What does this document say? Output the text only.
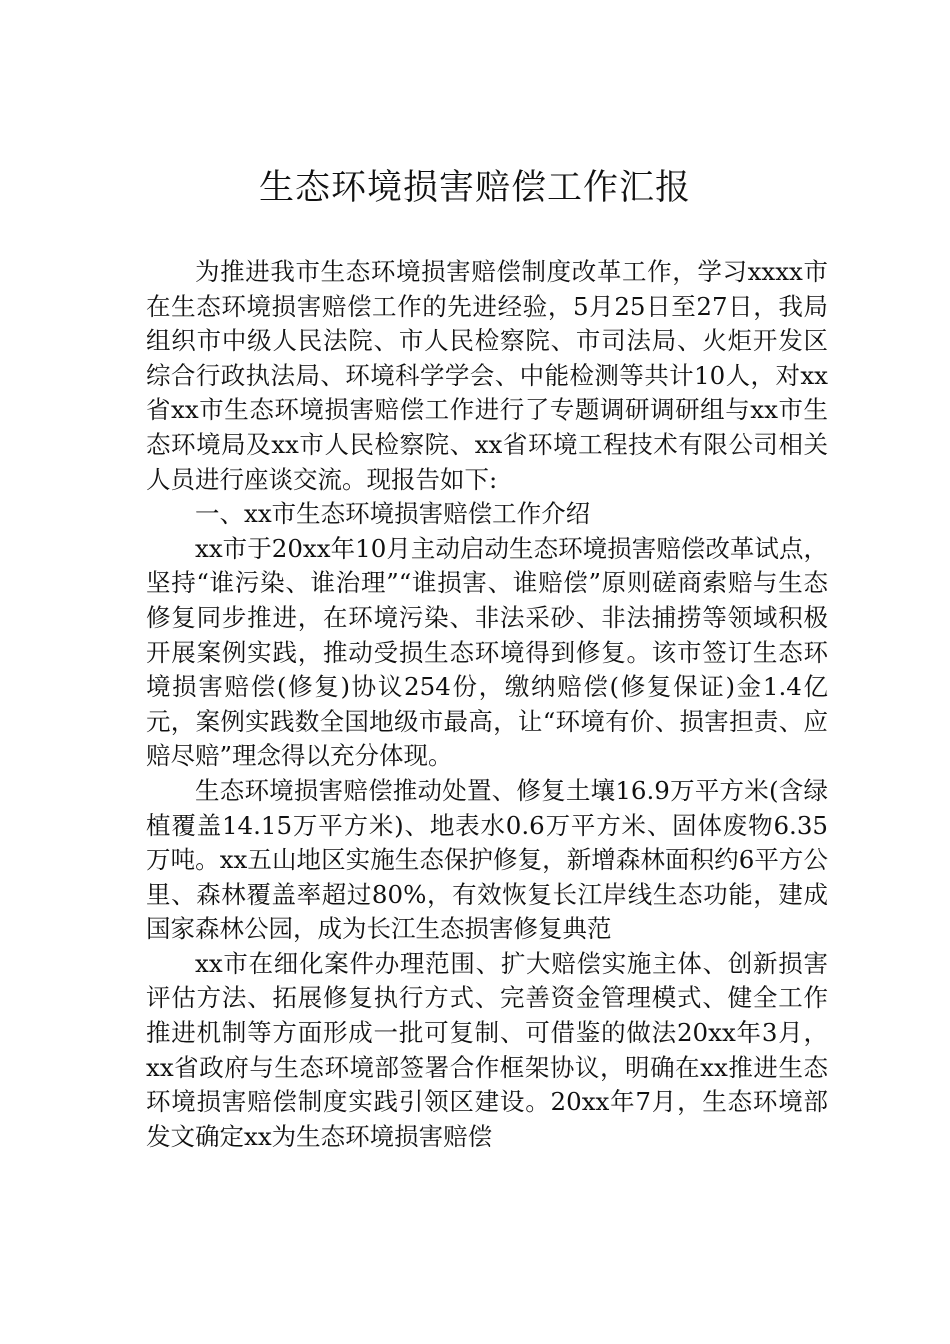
生态环境损害赔偿工作汇报

为推进我市生态环境损害赔偿制度改革工作，学习xxxx市在生态环境损害赔偿工作的先进经验，5月25日至27日，我局组织市中级人民法院、市人民检察院、市司法局、火炬开发区综合行政执法局、环境科学学会、中能检测等共计10人，对xx省xx市生态环境损害赔偿工作进行了专题调研调研组与xx市生态环境局及xx市人民检察院、xx省环境工程技术有限公司相关人员进行座谈交流。现报告如下:

一、xx市生态环境损害赔偿工作介绍

xx市于20xx年10月主动启动生态环境损害赔偿改革试点，坚持“谁污染、谁治理”“谁损害、谁赔偿”原则磋商索赔与生态修复同步推进，在环境污染、非法采砂、非法捕捞等领域积极开展案例实践，推动受损生态环境得到修复。该市签订生态环境损害赔偿(修复)协议254份，缴纳赔偿(修复保证)金1.4亿元，案例实践数全国地级市最高，让“环境有价、损害担责、应赔尽赔”理念得以充分体现。

生态环境损害赔偿推动处置、修复土壤16.9万平方米(含绿植覆盖14.15万平方米)、地表水0.6万平方米、固体废物6.35万吨。xx五山地区实施生态保护修复，新增森林面积约6平方公里、森林覆盖率超过80%，有效恢复长江岸线生态功能，建成国家森林公园，成为长江生态损害修复典范

xx市在细化案件办理范围、扩大赔偿实施主体、创新损害评估方法、拓展修复执行方式、完善资金管理模式、健全工作推进机制等方面形成一批可复制、可借鉴的做法20xx年3月，xx省政府与生态环境部签署合作框架协议，明确在xx推进生态环境损害赔偿制度实践引领区建设。20xx年7月，生态环境部发文确定xx为生态环境损害赔偿
